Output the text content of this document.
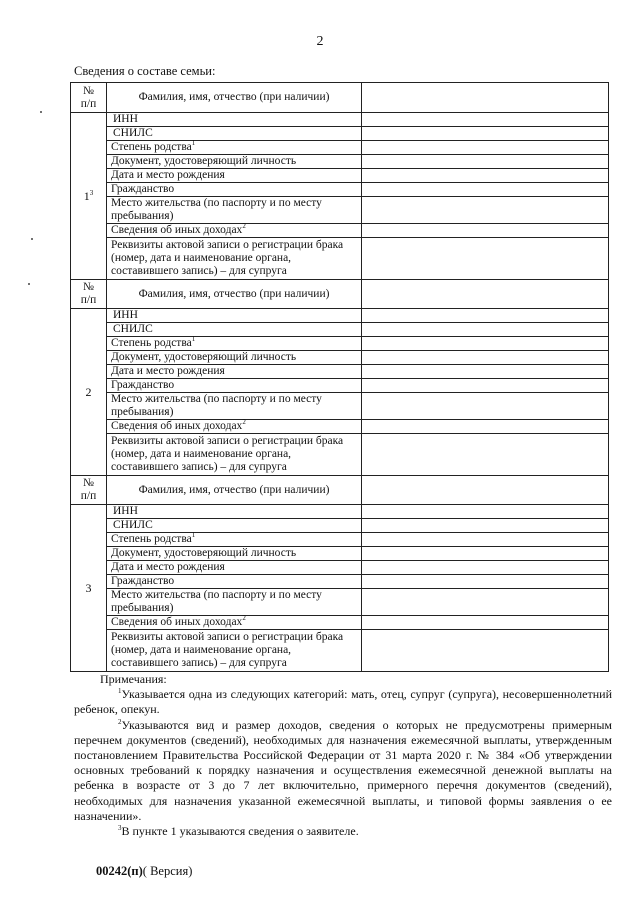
2
Сведения о составе семьи:
№
п/п	Фамилия, имя, отчество (при наличии)	
$1^3$	ИНН	
	СНИЛС	
	Степень родства$^1$	
	Документ, удостоверяющий личность	
	Дата и место рождения	
	Гражданство	
	Место жительства (по паспорту и по месту пребывания)	
	Сведения об иных доходах$^2$	
	Реквизиты актовой записи о регистрации брака (номер, дата и наименование органа, составившего запись) – для супруга	

№
п/п	Фамилия, имя, отчество (при наличии)	
2	ИНН	
	СНИЛС	
	Степень родства$^1$	
	Документ, удостоверяющий личность	
	Дата и место рождения	
	Гражданство	
	Место жительства (по паспорту и по месту пребывания)	
	Сведения об иных доходах$^2$	
	Реквизиты актовой записи о регистрации брака (номер, дата и наименование органа, составившего запись) – для супруга	

№
п/п	Фамилия, имя, отчество (при наличии)	
3	ИНН	
	СНИЛС	
	Степень родства$^1$	
	Документ, удостоверяющий личность	
	Дата и место рождения	
	Гражданство	
	Место жительства (по паспорту и по месту пребывания)	
	Сведения об иных доходах$^2$	
	Реквизиты актовой записи о регистрации брака (номер, дата и наименование органа, составившего запись) – для супруга	
Примечания:

$^1$Указывается одна из следующих категорий: мать, отец, супруг (супруга), несовершеннолетний ребенок, опекун.

$^2$Указываются вид и размер доходов, сведения о которых не предусмотрены примерным перечнем документов (сведений), необходимых для назначения ежемесячной выплаты, утвержденным постановлением Правительства Российской Федерации от 31 марта 2020 г. № 384 «Об утверждении основных требований к порядку назначения и осуществления ежемесячной денежной выплаты на ребенка в возрасте от 3 до 7 лет включительно, примерного перечня документов (сведений), необходимых для назначения указанной ежемесячной выплаты, и типовой формы заявления о ее назначении».

$^3$В пункте 1 указываются сведения о заявителе.

00242(п)( Версия)
